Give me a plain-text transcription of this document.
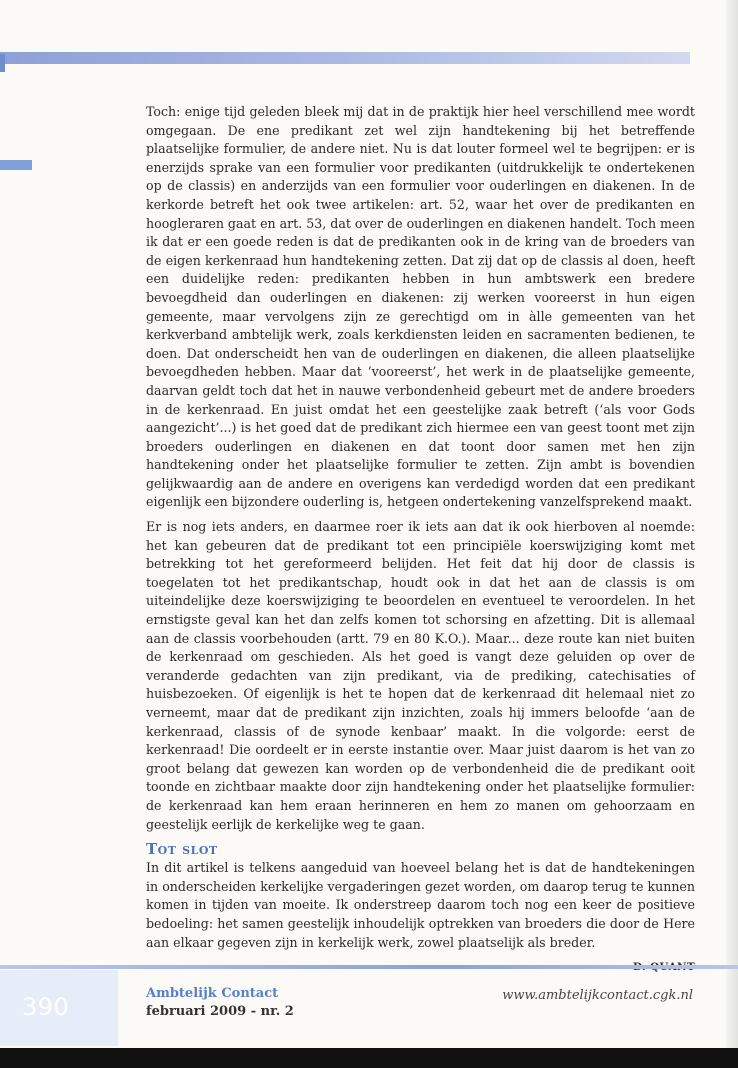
Toch: enige tijd geleden bleek mij dat in de praktijk hier heel verschillend mee wordt omgegaan. De ene predikant zet wel zijn handtekening bij het betreffende plaatselijke formulier, de andere niet. Nu is dat louter formeel wel te begrijpen: er is enerzijds sprake van een formulier voor predikanten (uitdrukkelijk te ondertekenen op de classis) en anderzijds van een formulier voor ouderlingen en diakenen. In de kerkorde betreft het ook twee artikelen: art. 52, waar het over de predikanten en hoogleraren gaat en art. 53, dat over de ouderlingen en diakenen handelt. Toch meen ik dat er een goede reden is dat de predikanten ook in de kring van de broeders van de eigen kerkenraad hun handtekening zetten. Dat zij dat op de classis al doen, heeft een duidelijke reden: predikanten hebben in hun ambtswerk een bredere bevoegdheid dan ouderlingen en diakenen: zij werken vooreerst in hun eigen gemeente, maar vervolgens zijn ze gerechtigd om in àlle gemeenten van het kerkverband ambtelijk werk, zoals kerkdiensten leiden en sacramenten bedienen, te doen. Dat onderscheidt hen van de ouderlingen en diakenen, die alleen plaatselijke bevoegdheden hebben. Maar dat ‘vooreerst’, het werk in de plaatselijke gemeente, daarvan geldt toch dat het in nauwe verbondenheid gebeurt met de andere broeders in de kerkenraad. En juist omdat het een geestelijke zaak betreft (‘als voor Gods aangezicht’...) is het goed dat de predikant zich hiermee een van geest toont met zijn broeders ouderlingen en diakenen en dat toont door samen met hen zijn handtekening onder het plaatselijke formulier te zetten. Zijn ambt is bovendien gelijkwaardig aan de andere en overigens kan verdedigd worden dat een predikant eigenlijk een bijzondere ouderling is, hetgeen ondertekening vanzelfsprekend maakt.

Er is nog iets anders, en daarmee roer ik iets aan dat ik ook hierboven al noemde: het kan gebeuren dat de predikant tot een principiële koerswijziging komt met betrekking tot het gereformeerd belijden. Het feit dat hij door de classis is toegelaten tot het predikantschap, houdt ook in dat het aan de classis is om uiteindelijke deze koerswijziging te beoordelen en eventueel te veroordelen. In het ernstigste geval kan het dan zelfs komen tot schorsing en afzetting. Dit is allemaal aan de classis voorbehouden (artt. 79 en 80 K.O.). Maar... deze route kan niet buiten de kerkenraad om geschieden. Als het goed is vangt deze geluiden op over de veranderde gedachten van zijn predikant, via de prediking, catechisaties of huisbezoeken. Of eigenlijk is het te hopen dat de kerkenraad dit helemaal niet zo verneemt, maar dat de predikant zijn inzichten, zoals hij immers beloofde ‘aan de kerkenraad, classis of de synode kenbaar’ maakt. In die volgorde: eerst de kerkenraad! Die oordeelt er in eerste instantie over. Maar juist daarom is het van zo groot belang dat gewezen kan worden op de verbondenheid die de predikant ooit toonde en zichtbaar maakte door zijn handtekening onder het plaatselijke formulier: de kerkenraad kan hem eraan herinneren en hem zo manen om gehoorzaam en geestelijk eerlijk de kerkelijke weg te gaan.

Tot slot

In dit artikel is telkens aangeduid van hoeveel belang het is dat de handtekeningen in onderscheiden kerkelijke vergaderingen gezet worden, om daarop terug te kunnen komen in tijden van moeite. Ik onderstreep daarom toch nog een keer de positieve bedoeling: het samen geestelijk inhoudelijk optrekken van broeders die door de Here aan elkaar gegeven zijn in kerkelijk werk, zowel plaatselijk als breder.

390	Ambtelijk Contact
februari 2009 - nr. 2
www.ambtelijkcontact.cgk.nl
